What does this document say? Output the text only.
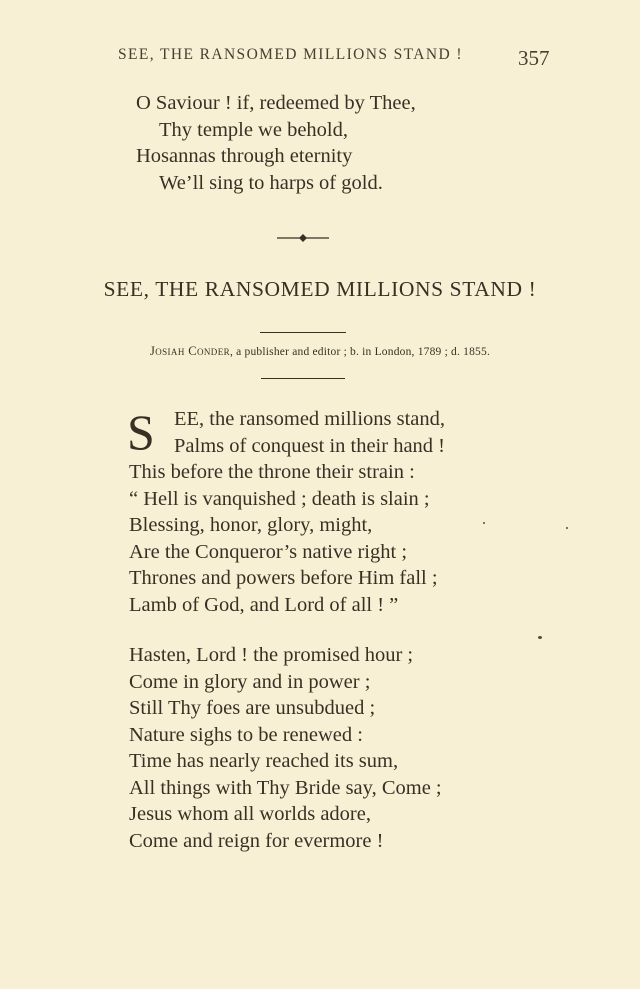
SEE, THE RANSOMED MILLIONS STAND !	357
O Saviour ! if, redeemed by Thee,
Thy temple we behold,
Hosannas through eternity
We’ll sing to harps of gold.
SEE, THE RANSOMED MILLIONS STAND !
Josiah Conder, a publisher and editor ; b. in London, 1789 ; d. 1855.
S EE, the ransomed millions stand,
Palms of conquest in their hand !
This before the throne their strain :
“ Hell is vanquished ; death is slain ;
Blessing, honor, glory, might,
Are the Conqueror’s native right ;
Thrones and powers before Him fall ;
Lamb of God, and Lord of all ! ”
Hasten, Lord ! the promised hour ;
Come in glory and in power ;
Still Thy foes are unsubdued ;
Nature sighs to be renewed :
Time has nearly reached its sum,
All things with Thy Bride say, Come ;
Jesus whom all worlds adore,
Come and reign for evermore !
